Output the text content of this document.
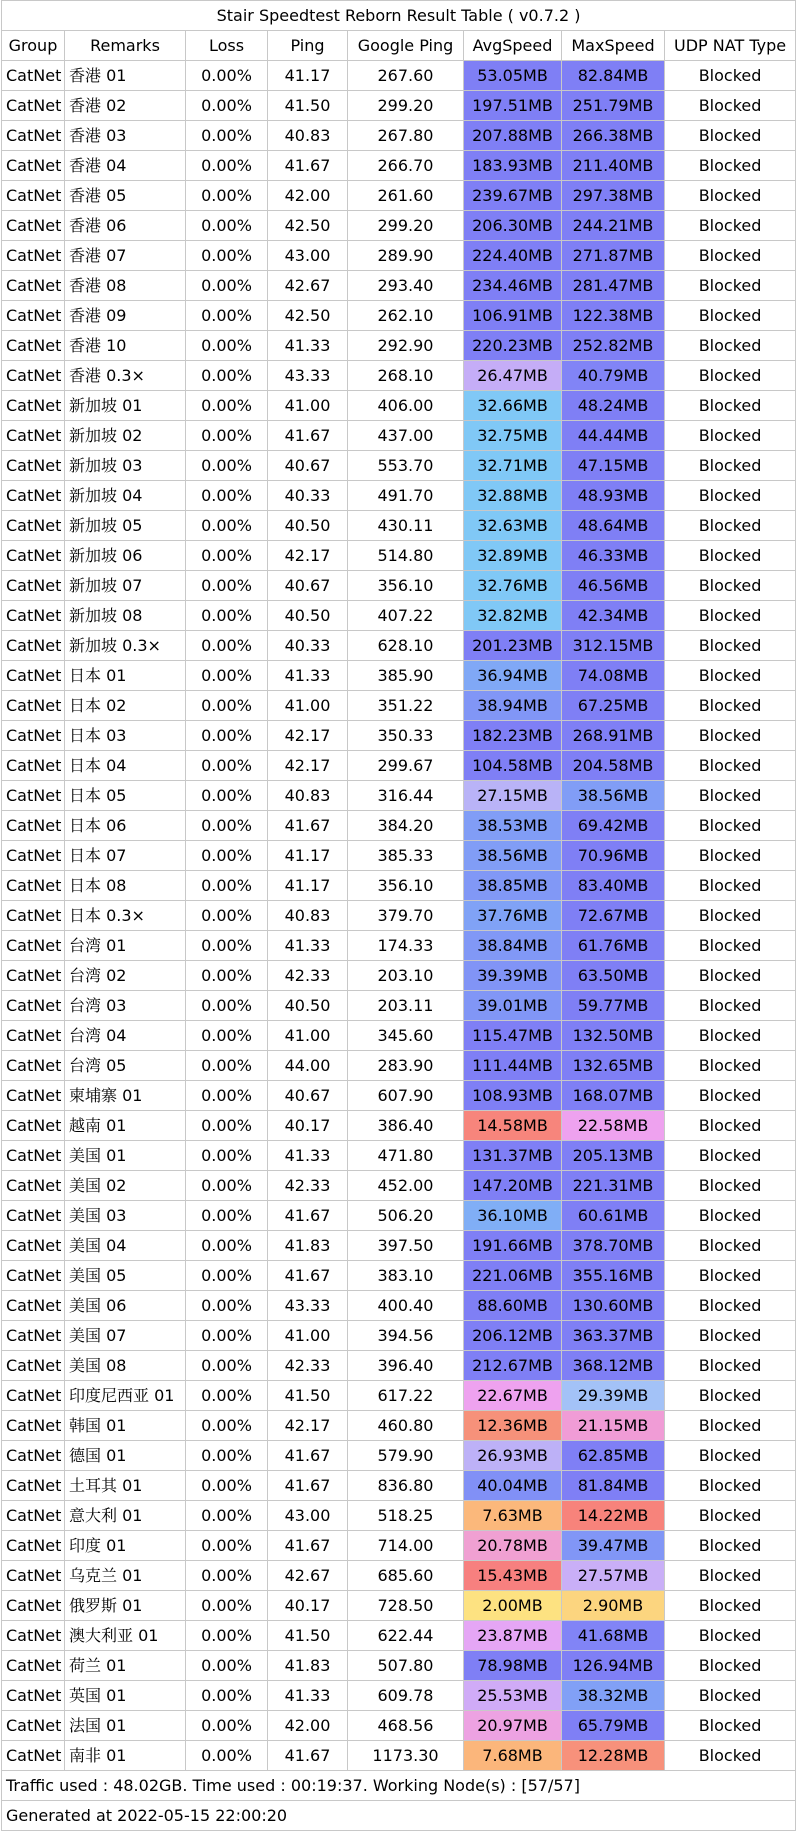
Stair Speedtest Reborn Result Table ( v0.7.2 )							
Group	Remarks	Loss	Ping	Google Ping	AvgSpeed	MaxSpeed	UDP NAT Type
CatNet	香港 01	0.00%	41.17	267.60	53.05MB	82.84MB	Blocked
CatNet	香港 02	0.00%	41.50	299.20	197.51MB	251.79MB	Blocked
CatNet	香港 03	0.00%	40.83	267.80	207.88MB	266.38MB	Blocked
CatNet	香港 04	0.00%	41.67	266.70	183.93MB	211.40MB	Blocked
CatNet	香港 05	0.00%	42.00	261.60	239.67MB	297.38MB	Blocked
CatNet	香港 06	0.00%	42.50	299.20	206.30MB	244.21MB	Blocked
CatNet	香港 07	0.00%	43.00	289.90	224.40MB	271.87MB	Blocked
CatNet	香港 08	0.00%	42.67	293.40	234.46MB	281.47MB	Blocked
CatNet	香港 09	0.00%	42.50	262.10	106.91MB	122.38MB	Blocked
CatNet	香港 10	0.00%	41.33	292.90	220.23MB	252.82MB	Blocked
CatNet	香港 0.3×	0.00%	43.33	268.10	26.47MB	40.79MB	Blocked
CatNet	新加坡 01	0.00%	41.00	406.00	32.66MB	48.24MB	Blocked
CatNet	新加坡 02	0.00%	41.67	437.00	32.75MB	44.44MB	Blocked
CatNet	新加坡 03	0.00%	40.67	553.70	32.71MB	47.15MB	Blocked
CatNet	新加坡 04	0.00%	40.33	491.70	32.88MB	48.93MB	Blocked
CatNet	新加坡 05	0.00%	40.50	430.11	32.63MB	48.64MB	Blocked
CatNet	新加坡 06	0.00%	42.17	514.80	32.89MB	46.33MB	Blocked
CatNet	新加坡 07	0.00%	40.67	356.10	32.76MB	46.56MB	Blocked
CatNet	新加坡 08	0.00%	40.50	407.22	32.82MB	42.34MB	Blocked
CatNet	新加坡 0.3×	0.00%	40.33	628.10	201.23MB	312.15MB	Blocked
CatNet	日本 01	0.00%	41.33	385.90	36.94MB	74.08MB	Blocked
CatNet	日本 02	0.00%	41.00	351.22	38.94MB	67.25MB	Blocked
CatNet	日本 03	0.00%	42.17	350.33	182.23MB	268.91MB	Blocked
CatNet	日本 04	0.00%	42.17	299.67	104.58MB	204.58MB	Blocked
CatNet	日本 05	0.00%	40.83	316.44	27.15MB	38.56MB	Blocked
CatNet	日本 06	0.00%	41.67	384.20	38.53MB	69.42MB	Blocked
CatNet	日本 07	0.00%	41.17	385.33	38.56MB	70.96MB	Blocked
CatNet	日本 08	0.00%	41.17	356.10	38.85MB	83.40MB	Blocked
CatNet	日本 0.3×	0.00%	40.83	379.70	37.76MB	72.67MB	Blocked
CatNet	台湾 01	0.00%	41.33	174.33	38.84MB	61.76MB	Blocked
CatNet	台湾 02	0.00%	42.33	203.10	39.39MB	63.50MB	Blocked
CatNet	台湾 03	0.00%	40.50	203.11	39.01MB	59.77MB	Blocked
CatNet	台湾 04	0.00%	41.00	345.60	115.47MB	132.50MB	Blocked
CatNet	台湾 05	0.00%	44.00	283.90	111.44MB	132.65MB	Blocked
CatNet	柬埔寨 01	0.00%	40.67	607.90	108.93MB	168.07MB	Blocked
CatNet	越南 01	0.00%	40.17	386.40	14.58MB	22.58MB	Blocked
CatNet	美国 01	0.00%	41.33	471.80	131.37MB	205.13MB	Blocked
CatNet	美国 02	0.00%	42.33	452.00	147.20MB	221.31MB	Blocked
CatNet	美国 03	0.00%	41.67	506.20	36.10MB	60.61MB	Blocked
CatNet	美国 04	0.00%	41.83	397.50	191.66MB	378.70MB	Blocked
CatNet	美国 05	0.00%	41.67	383.10	221.06MB	355.16MB	Blocked
CatNet	美国 06	0.00%	43.33	400.40	88.60MB	130.60MB	Blocked
CatNet	美国 07	0.00%	41.00	394.56	206.12MB	363.37MB	Blocked
CatNet	美国 08	0.00%	42.33	396.40	212.67MB	368.12MB	Blocked
CatNet	印度尼西亚 01	0.00%	41.50	617.22	22.67MB	29.39MB	Blocked
CatNet	韩国 01	0.00%	42.17	460.80	12.36MB	21.15MB	Blocked
CatNet	德国 01	0.00%	41.67	579.90	26.93MB	62.85MB	Blocked
CatNet	土耳其 01	0.00%	41.67	836.80	40.04MB	81.84MB	Blocked
CatNet	意大利 01	0.00%	43.00	518.25	7.63MB	14.22MB	Blocked
CatNet	印度 01	0.00%	41.67	714.00	20.78MB	39.47MB	Blocked
CatNet	乌克兰 01	0.00%	42.67	685.60	15.43MB	27.57MB	Blocked
CatNet	俄罗斯 01	0.00%	40.17	728.50	2.00MB	2.90MB	Blocked
CatNet	澳大利亚 01	0.00%	41.50	622.44	23.87MB	41.68MB	Blocked
CatNet	荷兰 01	0.00%	41.83	507.80	78.98MB	126.94MB	Blocked
CatNet	英国 01	0.00%	41.33	609.78	25.53MB	38.32MB	Blocked
CatNet	法国 01	0.00%	42.00	468.56	20.97MB	65.79MB	Blocked
CatNet	南非 01	0.00%	41.67	1173.30	7.68MB	12.28MB	Blocked
Traffic used : 48.02GB. Time used : 00:19:37. Working Node(s) : [57/57]							
Generated at 2022-05-15 22:00:20							
